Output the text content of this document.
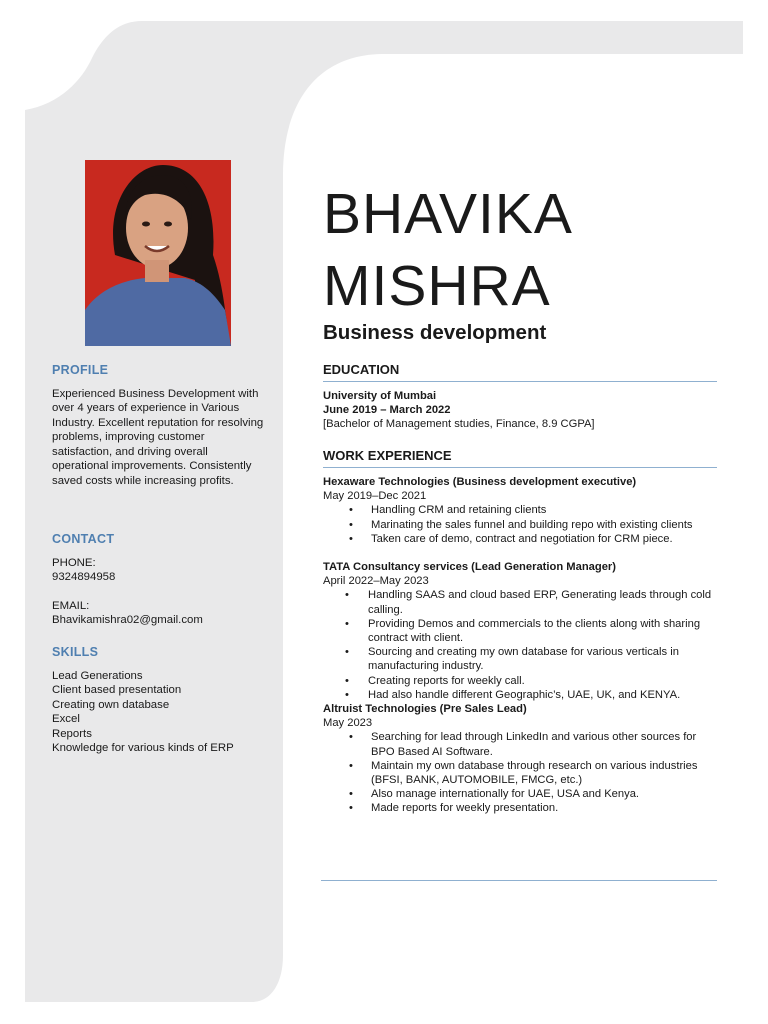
PROFILE

Experienced Business Development with over 4 years of experience in Various Industry. Excellent reputation for resolving problems, improving customer satisfaction, and driving overall operational improvements. Consistently saved costs while increasing profits.

CONTACT

PHONE:

9324894958

EMAIL:

Bhavikamishra02@gmail.com

SKILLS

Lead Generations

Client based presentation

Creating own database

Excel

Reports

Knowledge for various kinds of ERP

BHAVIKA
MISHRA
Business development
EDUCATION
University of Mumbai
June 2019 – March 2022
[Bachelor of Management studies, Finance, 8.9 CGPA]
WORK EXPERIENCE
Hexaware Technologies (Business development executive)
May 2019–Dec 2021
• Handling CRM and retaining clients
• Marinating the sales funnel and building repo with existing clients
• Taken care of demo, contract and negotiation for CRM piece.
TATA Consultancy services (Lead Generation Manager)
April 2022–May 2023
• Handling SAAS and cloud based ERP, Generating leads through cold calling.
• Providing Demos and commercials to the clients along with sharing contract with client.
• Sourcing and creating my own database for various verticals in manufacturing industry.
• Creating reports for weekly call.
• Had also handle different Geographic’s, UAE, UK, and KENYA.
Altruist Technologies (Pre Sales Lead)
May 2023
• Searching for lead through LinkedIn and various other sources for BPO Based AI Software.
• Maintain my own database through research on various industries (BFSI, BANK, AUTOMOBILE, FMCG, etc.)
• Also manage internationally for UAE, USA and Kenya.
• Made reports for weekly presentation.
